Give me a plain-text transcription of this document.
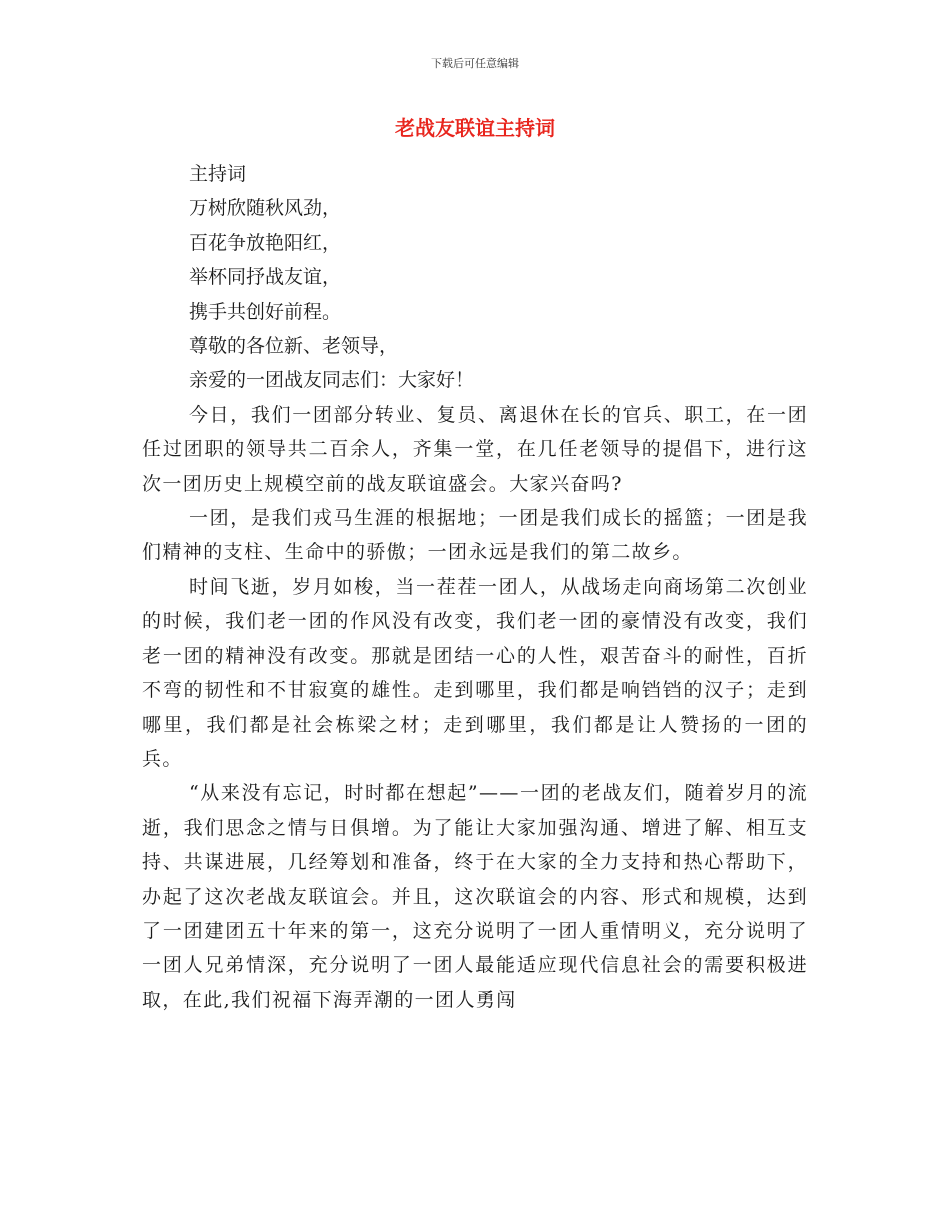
下载后可任意编辑
老战友联谊主持词

主持词

万树欣随秋风劲，

百花争放艳阳红，

举杯同抒战友谊，

携手共创好前程。

尊敬的各位新、老领导，

亲爱的一团战友同志们：大家好！

今日，我们一团部分转业、复员、离退休在长的官兵、职工，在一团任过团职的领导共二百余人，齐集一堂，在几任老领导的提倡下，进行这次一团历史上规模空前的战友联谊盛会。大家兴奋吗?

一团，是我们戎马生涯的根据地；一团是我们成长的摇篮；一团是我们精神的支柱、生命中的骄傲；一团永远是我们的第二故乡。

时间飞逝，岁月如梭，当一茬茬一团人，从战场走向商场第二次创业的时候，我们老一团的作风没有改变，我们老一团的豪情没有改变，我们老一团的精神没有改变。那就是团结一心的人性，艰苦奋斗的耐性，百折不弯的韧性和不甘寂寞的雄性。走到哪里，我们都是响铛铛的汉子；走到哪里，我们都是社会栋梁之材；走到哪里，我们都是让人赞扬的一团的兵。

“从来没有忘记，时时都在想起”——一团的老战友们，随着岁月的流逝，我们思念之情与日俱增。为了能让大家加强沟通、增进了解、相互支持、共谋进展，几经筹划和准备，终于在大家的全力支持和热心帮助下，办起了这次老战友联谊会。并且，这次联谊会的内容、形式和规模，达到了一团建团五十年来的第一，这充分说明了一团人重情明义，充分说明了一团人兄弟情深，充分说明了一团人最能适应现代信息社会的需要积极进取，在此,我们祝福下海弄潮的一团人勇闯
